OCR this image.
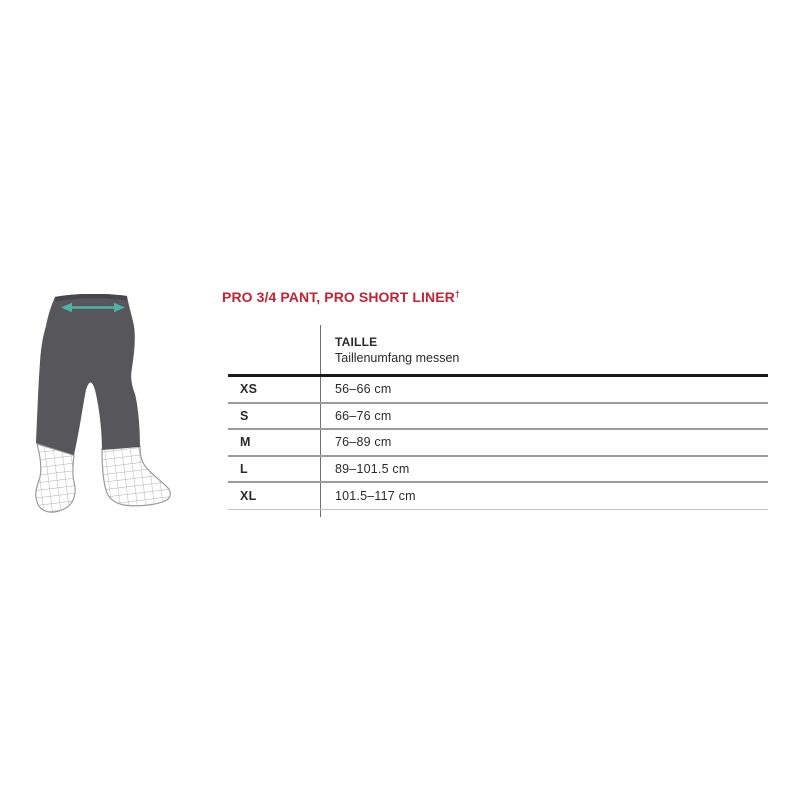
PRO 3/4 PANT, PRO SHORT LINER†
TAILLE
Taillenumfang messen
XS	56–66 cm
S	66–76 cm
M	76–89 cm
L	89–101.5 cm
XL	101.5–117 cm
